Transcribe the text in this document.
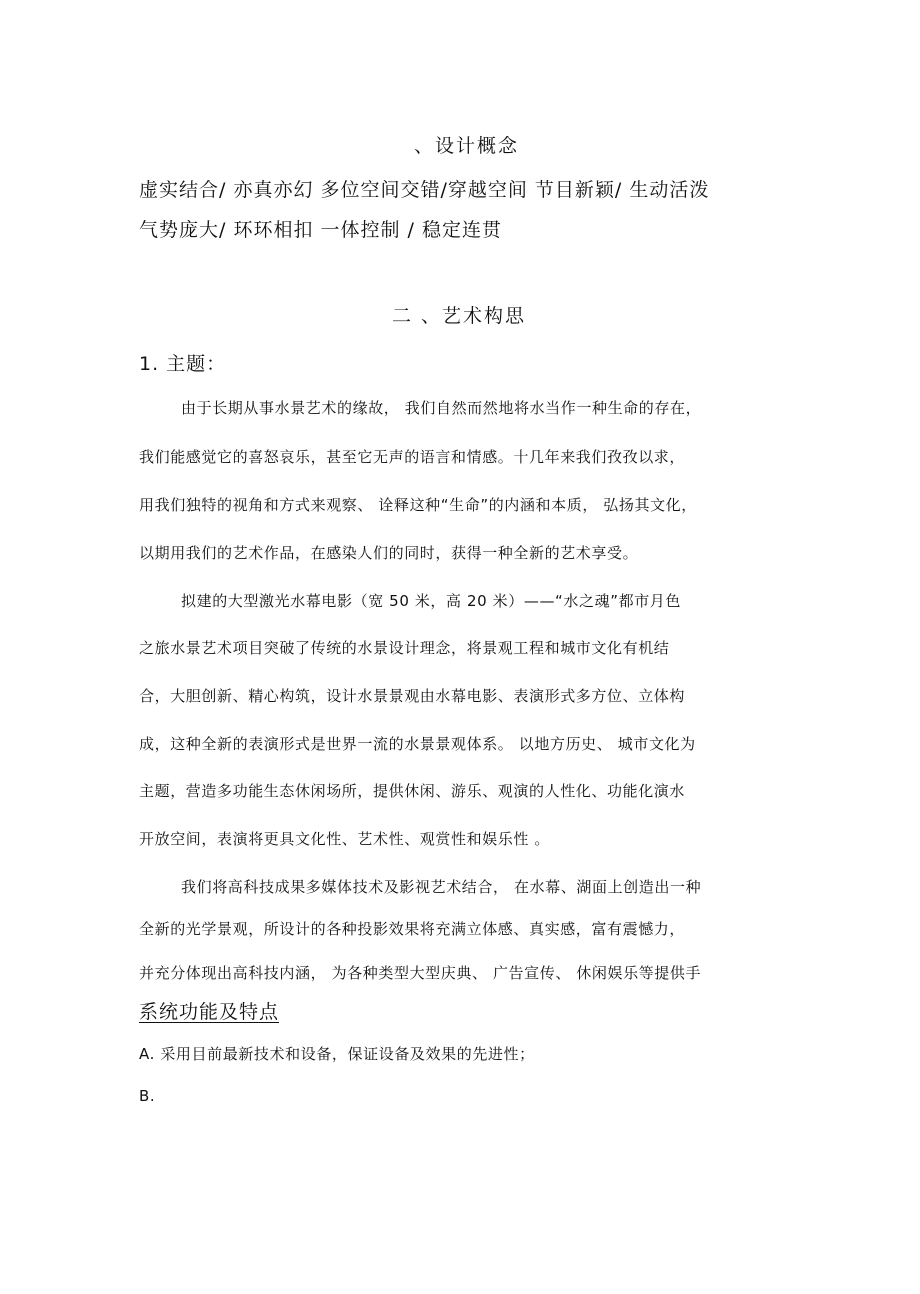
、设计概念

虚实结合/ 亦真亦幻 多位空间交错/穿越空间 节目新颖/ 生动活泼

气势庞大/ 环环相扣 一体控制 / 稳定连贯

二 、艺术构思

1. 主题：

由于长期从事水景艺术的缘故， 我们自然而然地将水当作一种生命的存在，

我们能感觉它的喜怒哀乐，甚至它无声的语言和情感。十几年来我们孜孜以求，

用我们独特的视角和方式来观察、 诠释这种“生命”的内涵和本质， 弘扬其文化，

以期用我们的艺术作品，在感染人们的同时，获得一种全新的艺术享受。

拟建的大型激光水幕电影（宽 50 米，高 20 米）——“水之魂”都市月色

之旅水景艺术项目突破了传统的水景设计理念，将景观工程和城市文化有机结

合，大胆创新、精心构筑，设计水景景观由水幕电影、表演形式多方位、立体构

成，这种全新的表演形式是世界一流的水景景观体系。 以地方历史、 城市文化为

主题，营造多功能生态休闲场所，提供休闲、游乐、观演的人性化、功能化演水

开放空间，表演将更具文化性、艺术性、观赏性和娱乐性 。

我们将高科技成果多媒体技术及影视艺术结合， 在水幕、湖面上创造出一种

全新的光学景观，所设计的各种投影效果将充满立体感、真实感，富有震憾力，

并充分体现出高科技内涵， 为各种类型大型庆典、 广告宣传、 休闲娱乐等提供手

系统功能及特点

A. 采用目前最新技术和设备，保证设备及效果的先进性；

B.
